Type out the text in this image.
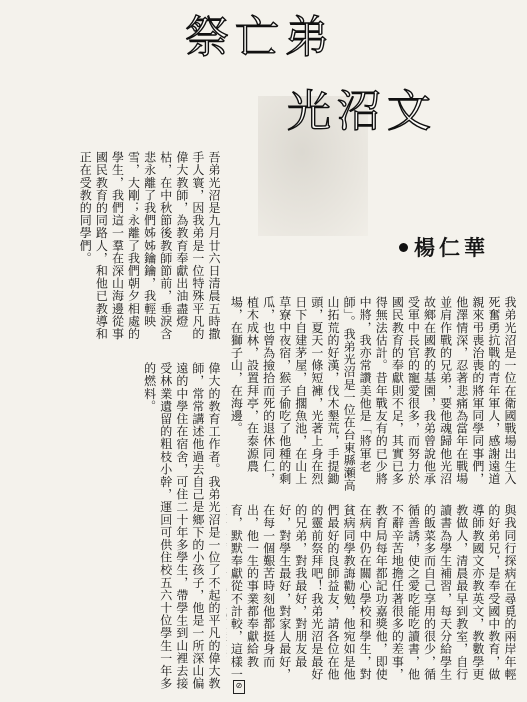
祭亡弟
光沼文
楊仁華
吾弟光沼是九月廿六日清晨五時撒手人寰，因我弟是一位特殊平凡的偉大教師，為教育奉獻出油盡燈枯，在中秋節後教師節前，垂淚含悲永離了我們姊姊鑰鑰，我輕映雪，大剛；永離了我們朝夕相處的學生，我們這一羣在深山海邊從事國民教育的同路人，和他已教導和正在受教的同學們。
偉大的教育工作者。我弟光沼是一位了不起的平凡的偉大教師，常常講述他過去自己是鄉下的小孩子，他是一所深山偏遠的中學住在宿舍，可住二十年多學生，帶學生到山裡去接受林業遺留的粗枝小幹，運回可供住校五六十位學生一年多的燃料。	我弟光沼是一位在衛國戰場出生入死奮勇抗戰的青年軍人，感謝遠道親來弔喪治喪的將軍同學同事們，他澤情深，忍著悲痛為當年在戰場並肩作戰的兄弟，要他魂歸他光沼故鄉在國教的基園，我弟曾說他承受軍中長官的寵愛很多，而努力於國民教育的奉獻則不足，其實已多得無法估計。昔年戰友有的已少將中將，我亦常讚美他是「將軍老師」。我弟光沼是一位在台東縣瀬高山拓荒的好漢，伐木墾荒，手提鋤頭，夏天一條短褲，光著上身在烈日下自建茅屋，自擱魚池，在山上草寮中夜宿，猴子偷吃了他種的剩瓜，也曾為撿拾而死的退休同仁，植木成林，設置拜亭，在泰源農場，在獅子山，在海邊。
與我同行探病在尋覓的兩岸年輕的好弟兄，是奉受國中教育，做導師教國文亦教英文，教數學更教做人，清晨最早到教室，自行讀書為學生補習，每天分給學生的飯菜多而自己享用的很少，循循善誘，使之愛吃能吃讀書，他不辭辛苦地擔任著很多的差事，教育局每年都記功嘉獎他，即使在病中仍在關心學校和學生，對貧病同學教誨勸勉，他宛如是他們最好的良師益友，請各位在他的靈前祭拜吧！我弟光沼是最好的兄弟，對我最好，對朋友最好，對學生最好，對家人最好，在每一個艱苦時刻他都挺身而出，他一生的事業都奉獻給教育，默默奉獻從不計較，這樣一
⊘
